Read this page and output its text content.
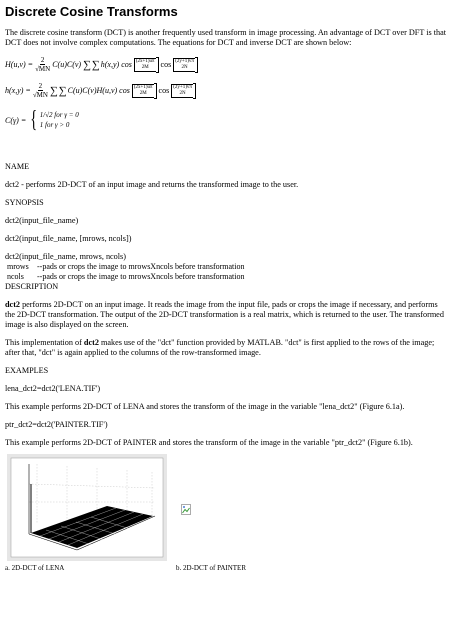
Discrete Cosine Transforms

The discrete cosine transform (DCT) is another frequently used transform in image processing. An advantage of DCT over DFT is that DCT does not involve complex computations. The equations for DCT and inverse DCT are shown below:

$H(u,v) = \frac{2}{√MN} C(u)C(v)$ ∑ ∑ h(x,y) cos (2x+1)uπ
2M cos (2y+1)vπ
2N
$h(x,y) = \frac{2}{√MN}$ ∑ ∑ C(u)C(v)H(u,v) cos (2x+1)uπ
2M cos (2y+1)vπ
2N
C(γ) = { 1/√2 for γ = 0
1 for γ > 0

NAME

dct2 - performs 2D-DCT of an input image and returns the transformed image to the user.

SYNOPSIS

dct2(input_file_name)

dct2(input_file_name, [mrows, ncols])

dct2(input_file_name, mrows, ncols)

mrows	--pads or crops the image to mrowsXncols before transformation
ncols	--pads or crops the image to mrowsXncols before transformation

DESCRIPTION

dct2 performs 2D-DCT on an input image. It reads the image from the input file, pads or crops the image if necessary, and performs the 2D-DCT transformation. The output of the 2D-DCT transformation is a real matrix, which is returned to the user. The transformed image is also displayed on the screen.

This implementation of dct2 makes use of the "dct" function provided by MATLAB. "dct" is first applied to the rows of the image; after that, "dct" is again applied to the columns of the row-transformed image.

EXAMPLES

lena_dct2=dct2('LENA.TIF')

This example performs 2D-DCT of LENA and stores the transform of the image in the variable "lena_dct2" (Figure 6.1a).

ptr_dct2=dct2('PAINTER.TIF')

This example performs 2D-DCT of PAINTER and stores the transform of the image in the variable "ptr_dct2" (Figure 6.1b).

a. 2D-DCT of LENA	b. 2D-DCT of PAINTER
